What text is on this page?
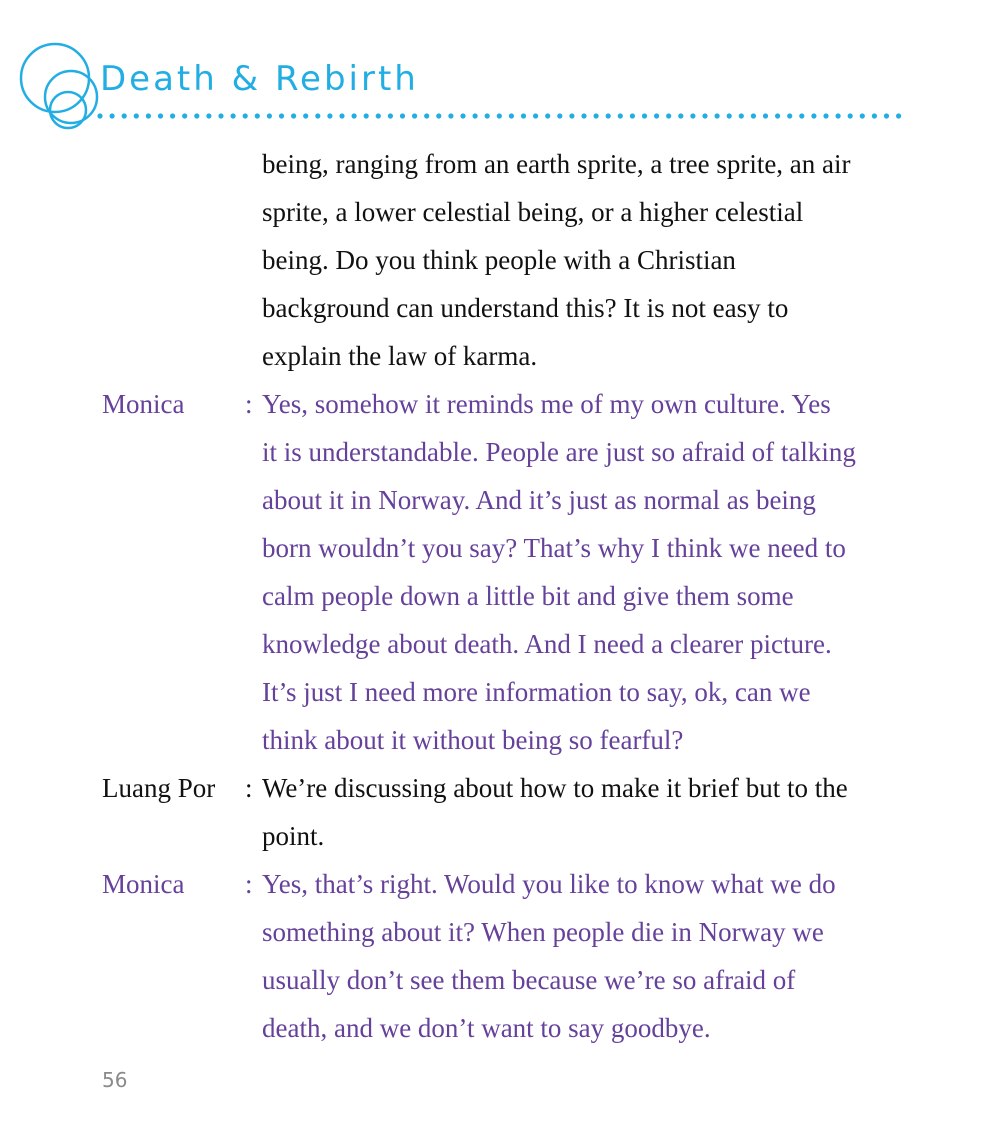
Death & Rebirth
being, ranging from an earth sprite, a tree sprite, an air
sprite, a lower celestial being, or a higher celestial
being. Do you think people with a Christian
background can understand this? It is not easy to
explain the law of karma.
Monica : Yes, somehow it reminds me of my own culture. Yes
it is understandable. People are just so afraid of talking
about it in Norway. And it’s just as normal as being
born wouldn’t you say? That’s why I think we need to
calm people down a little bit and give them some
knowledge about death. And I need a clearer picture.
It’s just I need more information to say, ok, can we
think about it without being so fearful?
Luang Por : We’re discussing about how to make it brief but to the
point.
Monica : Yes, that’s right. Would you like to know what we do
something about it? When people die in Norway we
usually don’t see them because we’re so afraid of
death, and we don’t want to say goodbye.
56
